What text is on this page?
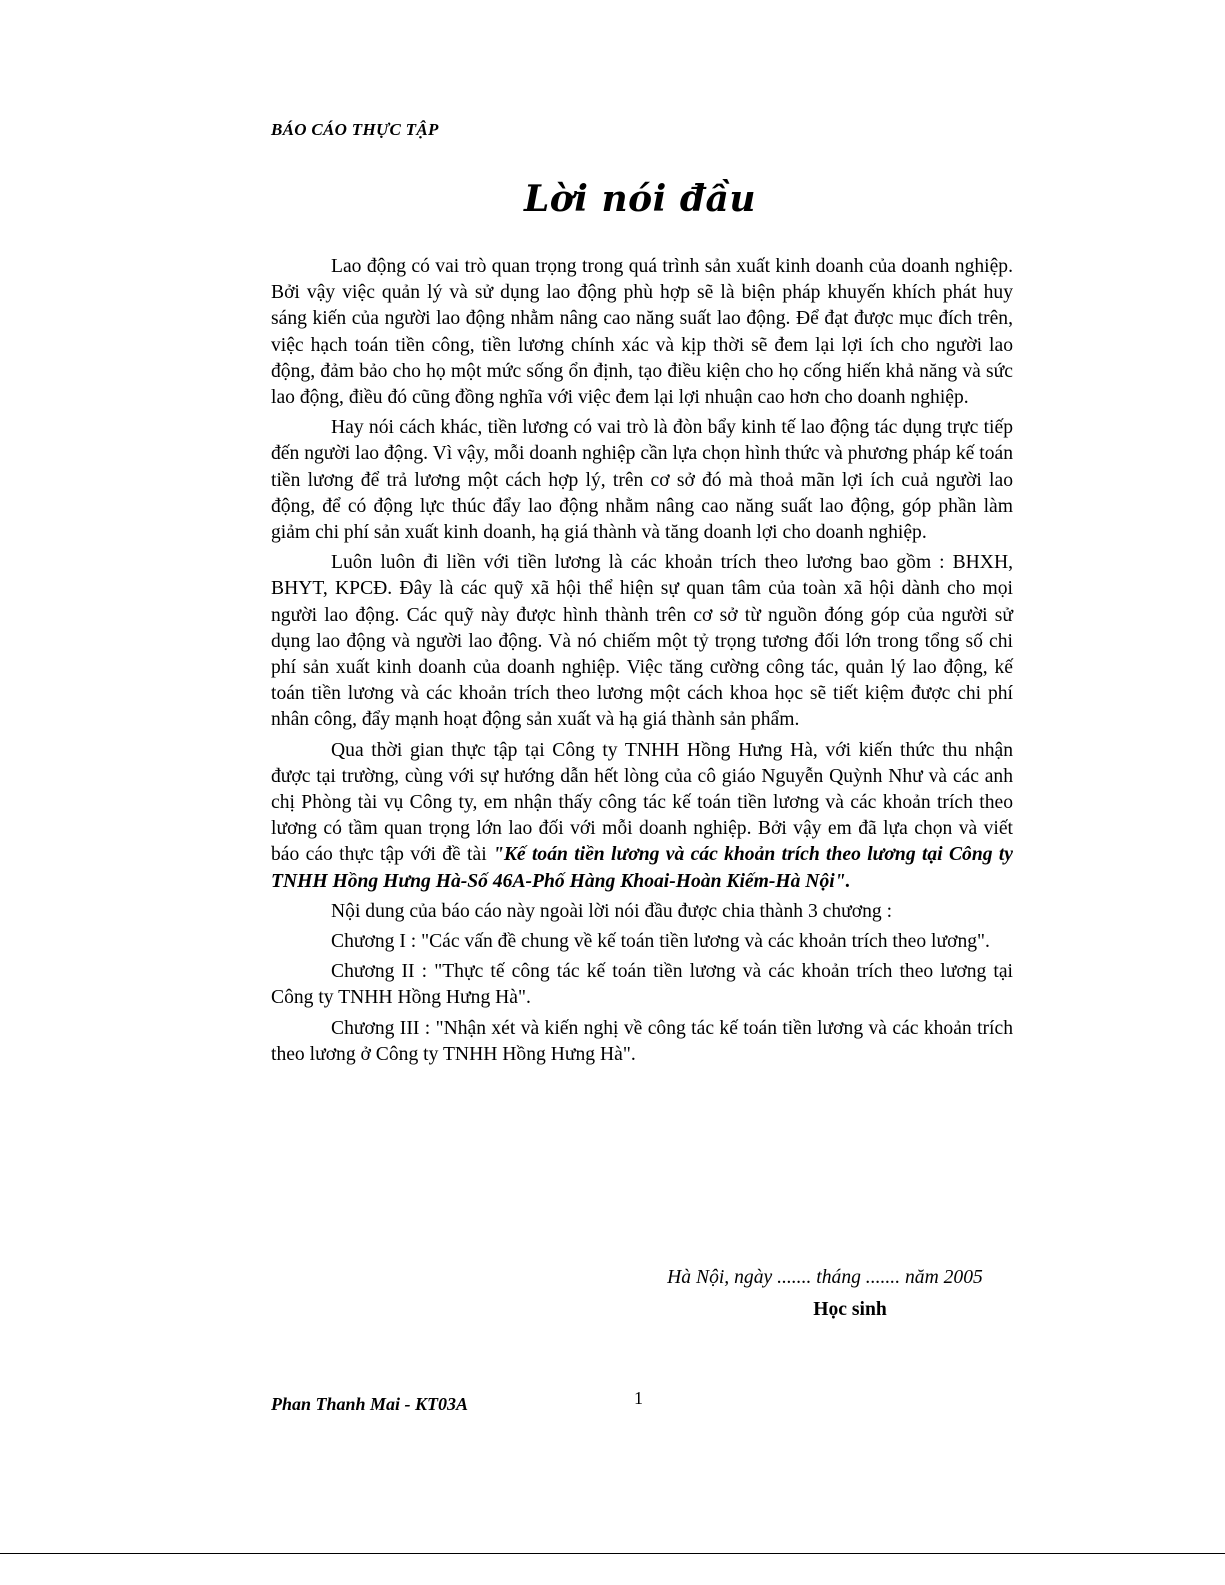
BÁO CÁO THỰC TẬP
Lời nói đầu

Lao động có vai trò quan trọng trong quá trình sản xuất kinh doanh của doanh nghiệp. Bởi vậy việc quản lý và sử dụng lao động phù hợp sẽ là biện pháp khuyến khích phát huy sáng kiến của người lao động nhằm nâng cao năng suất lao động. Để đạt được mục đích trên, việc hạch toán tiền công, tiền lương chính xác và kịp thời sẽ đem lại lợi ích cho người lao động, đảm bảo cho họ một mức sống ổn định, tạo điều kiện cho họ cống hiến khả năng và sức lao động, điều đó cũng đồng nghĩa với việc đem lại lợi nhuận cao hơn cho doanh nghiệp.

Hay nói cách khác, tiền lương có vai trò là đòn bẩy kinh tế lao động tác dụng trực tiếp đến người lao động. Vì vậy, mỗi doanh nghiệp cần lựa chọn hình thức và phương pháp kế toán tiền lương để trả lương một cách hợp lý, trên cơ sở đó mà thoả mãn lợi ích cuả người lao động, để có động lực thúc đẩy lao động nhằm nâng cao năng suất lao động, góp phần làm giảm chi phí sản xuất kinh doanh, hạ giá thành và tăng doanh lợi cho doanh nghiệp.

Luôn luôn đi liền với tiền lương là các khoản trích theo lương bao gồm : BHXH, BHYT, KPCĐ. Đây là các quỹ xã hội thể hiện sự quan tâm của toàn xã hội dành cho mọi người lao động. Các quỹ này được hình thành trên cơ sở từ nguồn đóng góp của người sử dụng lao động và người lao động. Và nó chiếm một tỷ trọng tương đối lớn trong tổng số chi phí sản xuất kinh doanh của doanh nghiệp. Việc tăng cường công tác, quản lý lao động, kế toán tiền lương và các khoản trích theo lương một cách khoa học sẽ tiết kiệm được chi phí nhân công, đẩy mạnh hoạt động sản xuất và hạ giá thành sản phẩm.

Qua thời gian thực tập tại Công ty TNHH Hồng Hưng Hà, với kiến thức thu nhận được tại trường, cùng với sự hướng dẫn hết lòng của cô giáo Nguyễn Quỳnh Như và các anh chị Phòng tài vụ Công ty, em nhận thấy công tác kế toán tiền lương và các khoản trích theo lương có tầm quan trọng lớn lao đối với mỗi doanh nghiệp. Bởi vậy em đã lựa chọn và viết báo cáo thực tập với đề tài "Kế toán tiền lương và các khoản trích theo lương tại Công ty TNHH Hồng Hưng Hà-Số 46A-Phố Hàng Khoai-Hoàn Kiếm-Hà Nội".

Nội dung của báo cáo này ngoài lời nói đầu được chia thành 3 chương :

Chương I : "Các vấn đề chung về kế toán tiền lương và các khoản trích theo lương".

Chương II : "Thực tế công tác kế toán tiền lương và các khoản trích theo lương tại Công ty TNHH Hồng Hưng Hà".

Chương III : "Nhận xét và kiến nghị về công tác kế toán tiền lương và các khoản trích theo lương ở Công ty TNHH Hồng Hưng Hà".

Hà Nội, ngày ....... tháng ....... năm 2005
Học sinh
Phan Thanh Mai - KT03A	1
